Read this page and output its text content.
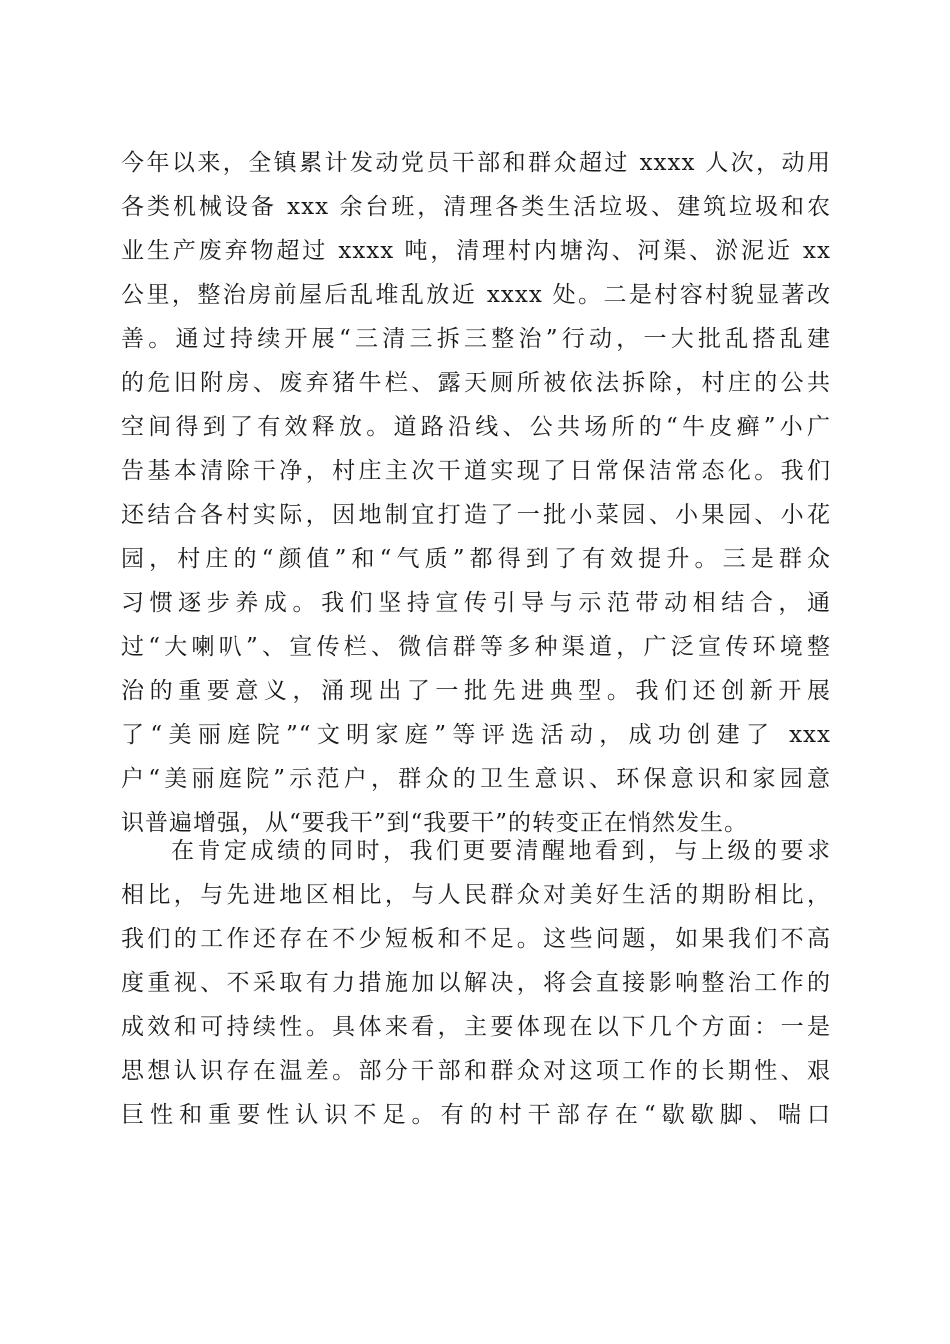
今年以来，全镇累计发动党员干部和群众超过 xxxx 人次，动用
各类机械设备 xxx 余台班，清理各类生活垃圾、建筑垃圾和农
业生产废弃物超过 xxxx 吨，清理村内塘沟、河渠、淤泥近 xx
公里，整治房前屋后乱堆乱放近 xxxx 处。二是村容村貌显著改
善。通过持续开展“三清三拆三整治”行动，一大批乱搭乱建
的危旧附房、废弃猪牛栏、露天厕所被依法拆除，村庄的公共
空间得到了有效释放。道路沿线、公共场所的“牛皮癣”小广
告基本清除干净，村庄主次干道实现了日常保洁常态化。我们
还结合各村实际，因地制宜打造了一批小菜园、小果园、小花
园，村庄的“颜值”和“气质”都得到了有效提升。三是群众
习惯逐步养成。我们坚持宣传引导与示范带动相结合，通
过“大喇叭”、宣传栏、微信群等多种渠道，广泛宣传环境整
治的重要意义，涌现出了一批先进典型。我们还创新开展
了“美丽庭院”“文明家庭”等评选活动，成功创建了 xxx
户“美丽庭院”示范户，群众的卫生意识、环保意识和家园意
识普遍增强，从“要我干”到“我要干”的转变正在悄然发生。
在肯定成绩的同时，我们更要清醒地看到，与上级的要求
相比，与先进地区相比，与人民群众对美好生活的期盼相比，
我们的工作还存在不少短板和不足。这些问题，如果我们不高
度重视、不采取有力措施加以解决，将会直接影响整治工作的
成效和可持续性。具体来看，主要体现在以下几个方面：一是
思想认识存在温差。部分干部和群众对这项工作的长期性、艰
巨性和重要性认识不足。有的村干部存在“歇歇脚、喘口
